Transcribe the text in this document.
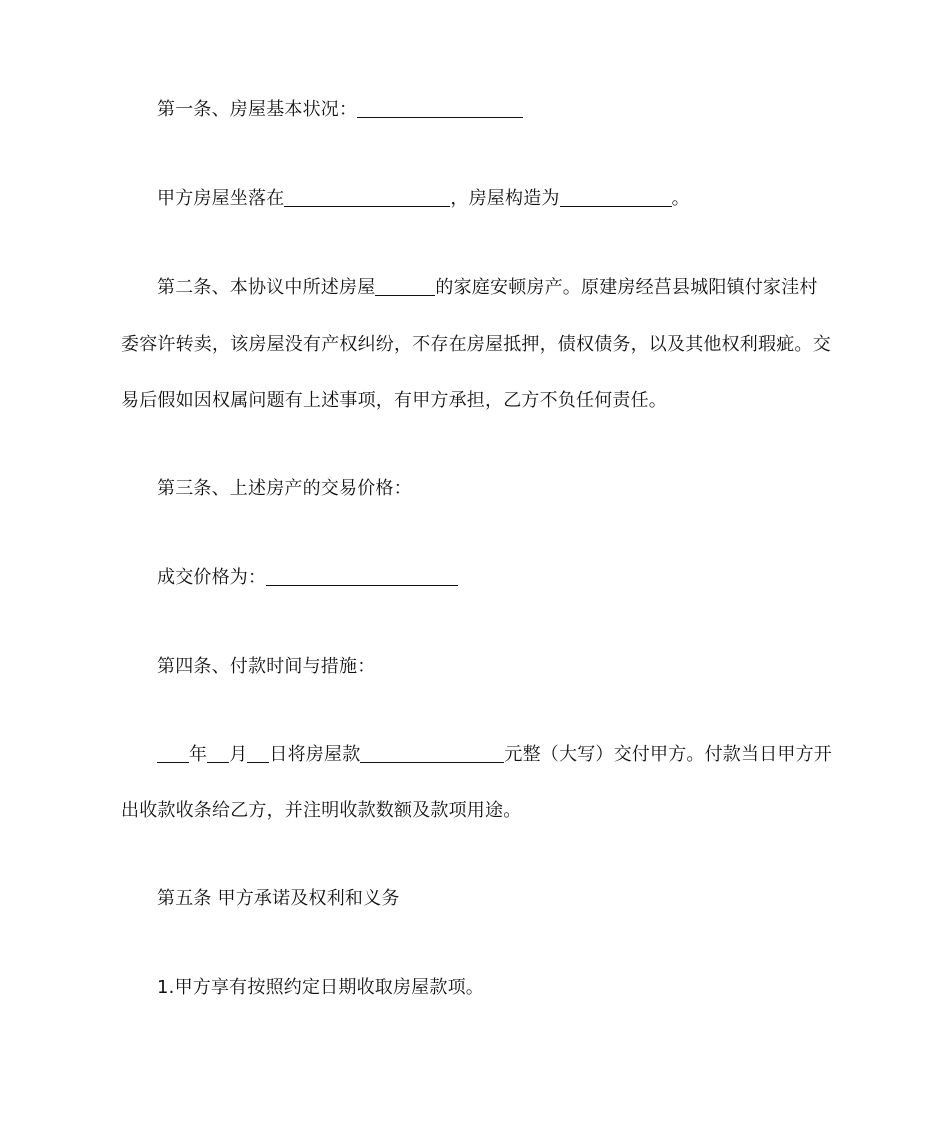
第一条、房屋基本状况：
甲方房屋坐落在	，房屋构造为	。
第二条、本协议中所述房屋	的家庭安顿房产。原建房经莒县城阳镇付家洼村
委容许转卖，该房屋没有产权纠纷，不存在房屋抵押，债权债务，以及其他权利瑕疵。交
易后假如因权属问题有上述事项，有甲方承担，乙方不负任何责任。
第三条、上述房产的交易价格：
成交价格为：
第四条、付款时间与措施：
年 月 日将房屋款	元整（大写）交付甲方。付款当日甲方开
出收款收条给乙方，并注明收款数额及款项用途。
第五条 甲方承诺及权利和义务
1.甲方享有按照约定日期收取房屋款项。
